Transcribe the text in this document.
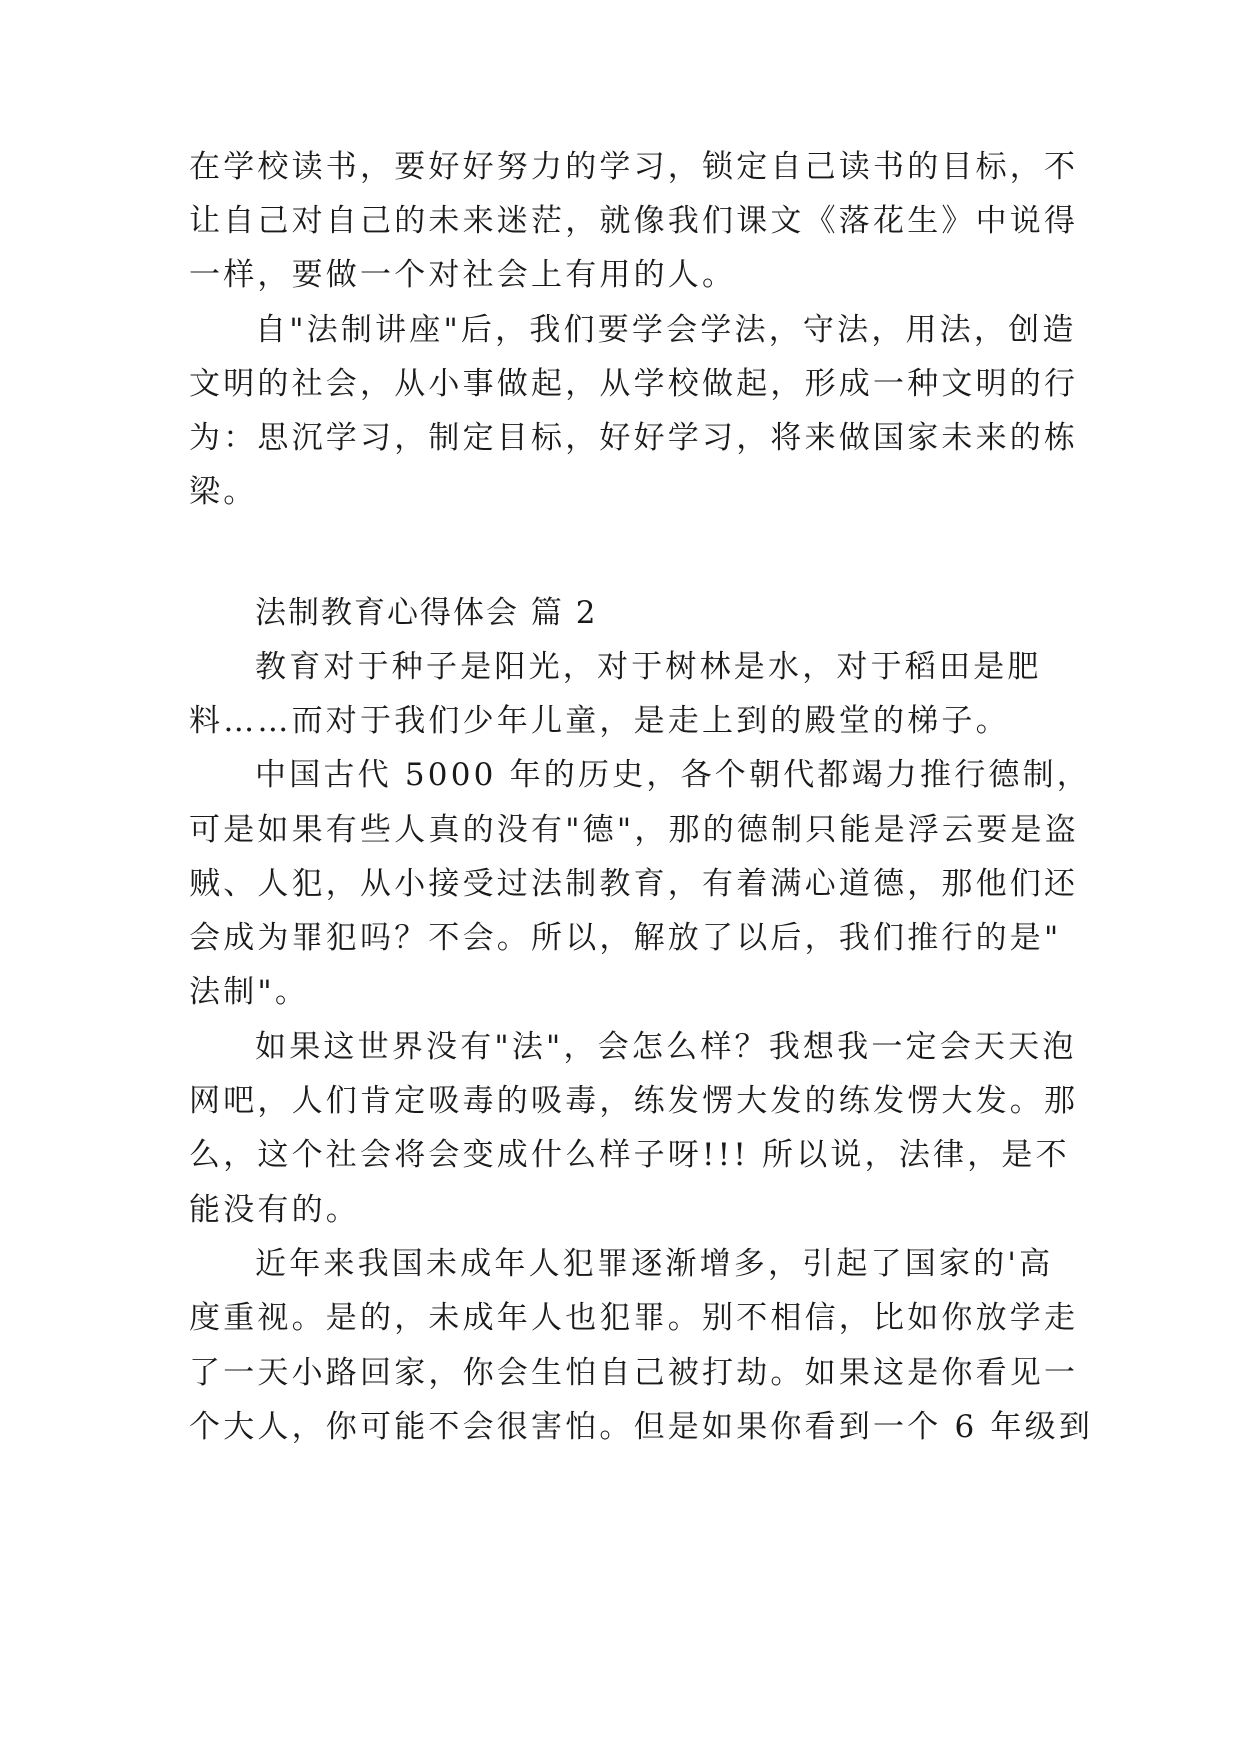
在学校读书，要好好努力的学习，锁定自己读书的目标，不
让自己对自己的未来迷茫，就像我们课文《落花生》中说得
一样，要做一个对社会上有用的人。
自"法制讲座"后，我们要学会学法，守法，用法，创造
文明的社会，从小事做起，从学校做起，形成一种文明的行
为：思沉学习，制定目标，好好学习，将来做国家未来的栋
梁。
法制教育心得体会 篇 2
教育对于种子是阳光，对于树林是水，对于稻田是肥
料……而对于我们少年儿童，是走上到的殿堂的梯子。
中国古代 5000 年的历史，各个朝代都竭力推行德制，
可是如果有些人真的没有"德"，那的德制只能是浮云要是盗
贼、人犯，从小接受过法制教育，有着满心道德，那他们还
会成为罪犯吗？不会。所以，解放了以后，我们推行的是"
法制"。
如果这世界没有"法"，会怎么样？我想我一定会天天泡
网吧，人们肯定吸毒的吸毒，练发愣大发的练发愣大发。那
么，这个社会将会变成什么样子呀!!! 所以说，法律，是不
能没有的。
近年来我国未成年人犯罪逐渐增多，引起了国家的'高
度重视。是的，未成年人也犯罪。别不相信，比如你放学走
了一天小路回家，你会生怕自己被打劫。如果这是你看见一
个大人，你可能不会很害怕。但是如果你看到一个 6 年级到
